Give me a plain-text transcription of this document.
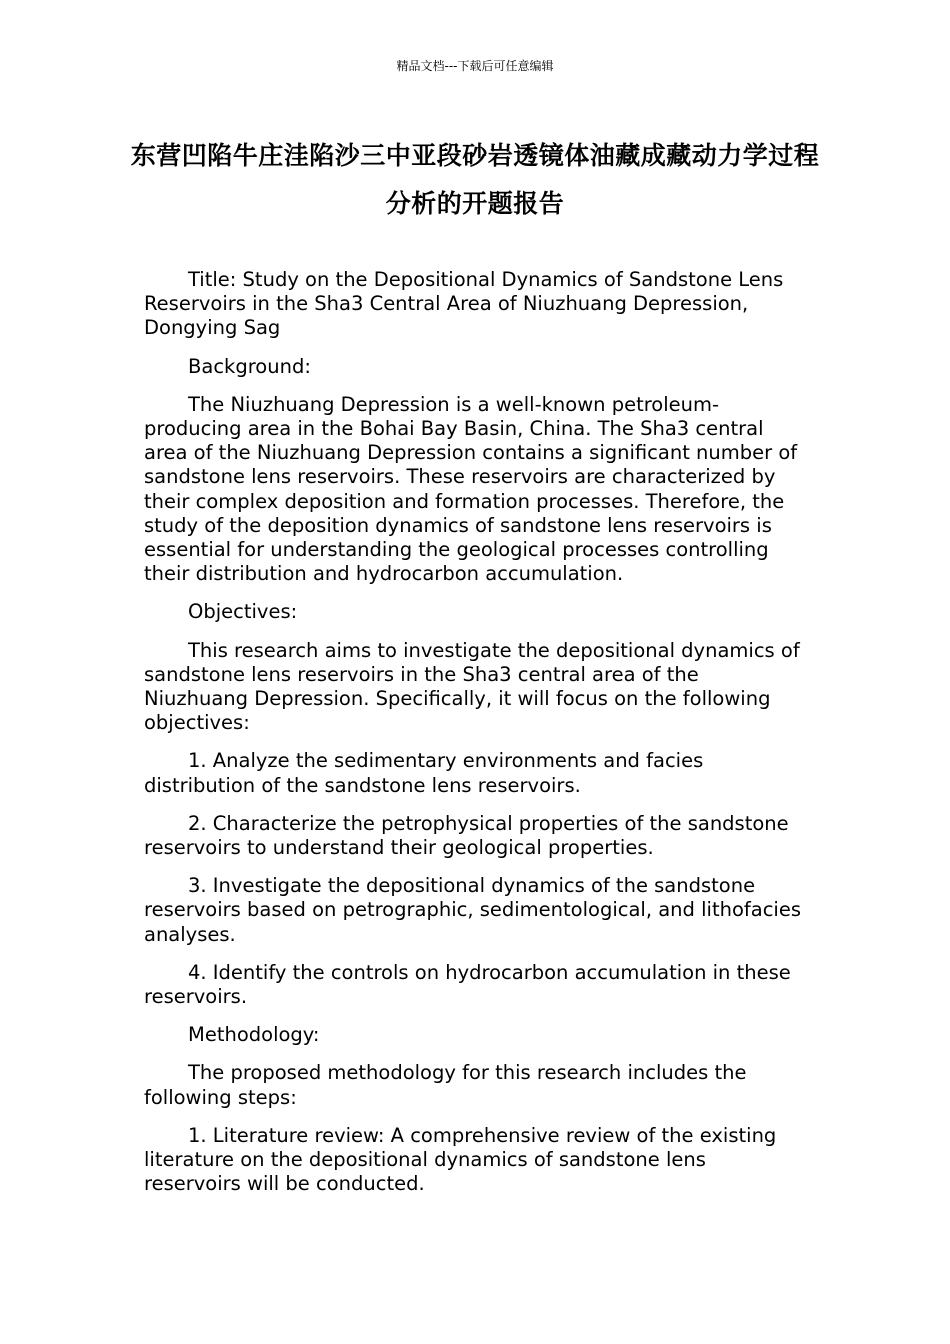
精品文档---下载后可任意编辑
东营凹陷牛庄洼陷沙三中亚段砂岩透镜体油藏成藏动力学过程分析的开题报告

Title: Study on the Depositional Dynamics of Sandstone Lens Reservoirs in the Sha3 Central Area of Niuzhuang Depression, Dongying Sag

Background:

The Niuzhuang Depression is a well-known petroleum-producing area in the Bohai Bay Basin, China. The Sha3 central area of the Niuzhuang Depression contains a significant number of sandstone lens reservoirs. These reservoirs are characterized by their complex deposition and formation processes. Therefore, the study of the deposition dynamics of sandstone lens reservoirs is essential for understanding the geological processes controlling their distribution and hydrocarbon accumulation.

Objectives:

This research aims to investigate the depositional dynamics of sandstone lens reservoirs in the Sha3 central area of the Niuzhuang Depression. Specifically, it will focus on the following objectives:

1. Analyze the sedimentary environments and facies distribution of the sandstone lens reservoirs.

2. Characterize the petrophysical properties of the sandstone reservoirs to understand their geological properties.

3. Investigate the depositional dynamics of the sandstone reservoirs based on petrographic, sedimentological, and lithofacies analyses.

4. Identify the controls on hydrocarbon accumulation in these reservoirs.

Methodology:

The proposed methodology for this research includes the following steps:

1. Literature review: A comprehensive review of the existing literature on the depositional dynamics of sandstone lens reservoirs will be conducted.
